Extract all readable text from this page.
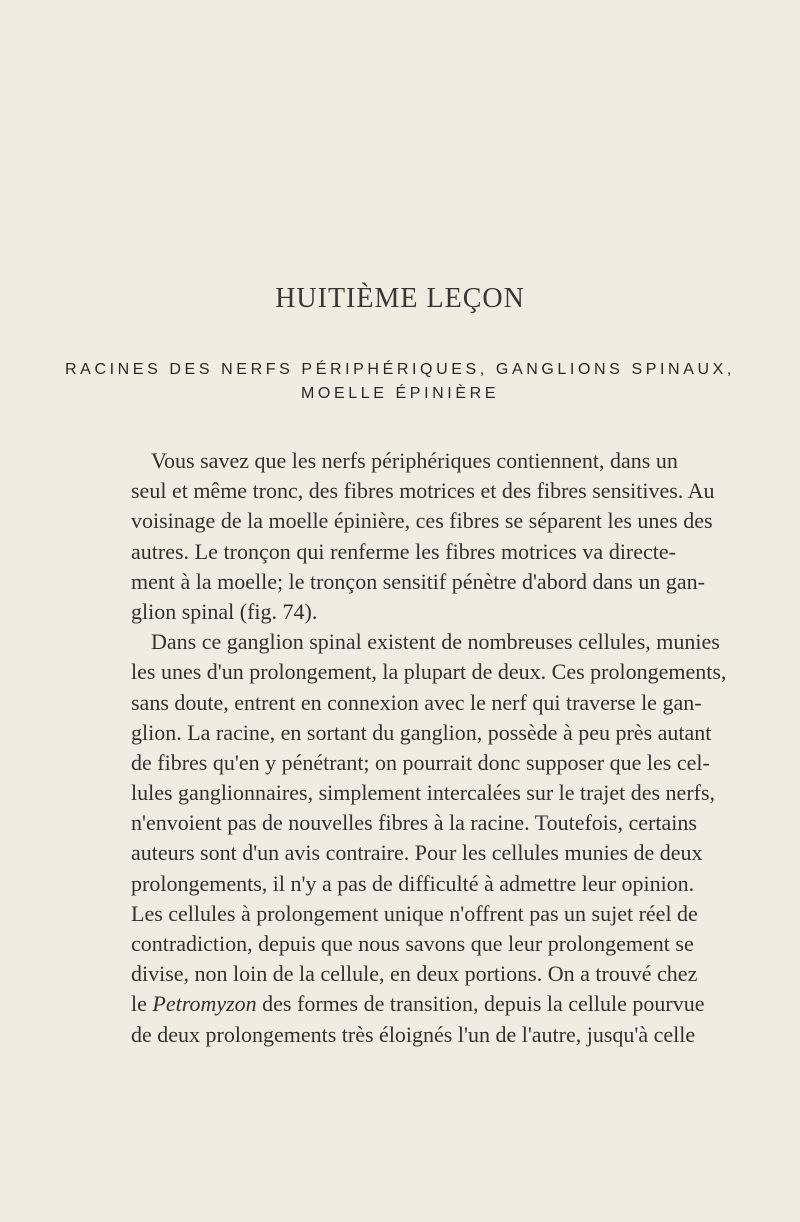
HUITIÈME LEÇON
RACINES DES NERFS PÉRIPHÉRIQUES, GANGLIONS SPINAUX,
MOELLE ÉPINIÈRE
Vous savez que les nerfs périphériques contiennent, dans un
seul et même tronc, des fibres motrices et des fibres sensitives. Au
voisinage de la moelle épinière, ces fibres se séparent les unes des
autres. Le tronçon qui renferme les fibres motrices va directe-
ment à la moelle; le tronçon sensitif pénètre d'abord dans un gan-
glion spinal (fig. 74).
Dans ce ganglion spinal existent de nombreuses cellules, munies
les unes d'un prolongement, la plupart de deux. Ces prolongements,
sans doute, entrent en connexion avec le nerf qui traverse le gan-
glion. La racine, en sortant du ganglion, possède à peu près autant
de fibres qu'en y pénétrant; on pourrait donc supposer que les cel-
lules ganglionnaires, simplement intercalées sur le trajet des nerfs,
n'envoient pas de nouvelles fibres à la racine. Toutefois, certains
auteurs sont d'un avis contraire. Pour les cellules munies de deux
prolongements, il n'y a pas de difficulté à admettre leur opinion.
Les cellules à prolongement unique n'offrent pas un sujet réel de
contradiction, depuis que nous savons que leur prolongement se
divise, non loin de la cellule, en deux portions. On a trouvé chez
le Petromyzon des formes de transition, depuis la cellule pourvue
de deux prolongements très éloignés l'un de l'autre, jusqu'à celle
